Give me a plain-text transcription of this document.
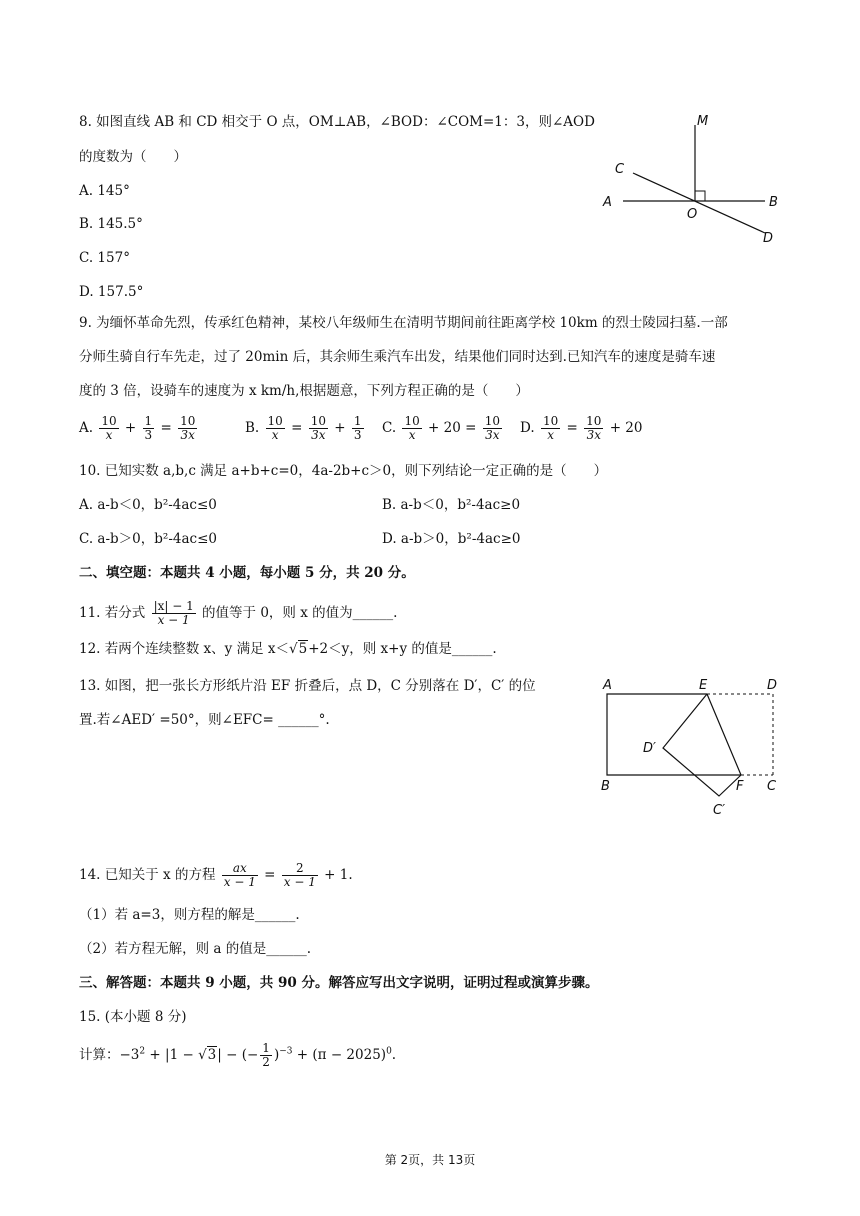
8. 如图直线 AB 和 CD 相交于 O 点，OM⊥AB，∠BOD：∠COM=1：3，则∠AOD
的度数为（　　）
A. 145°
B. 145.5°
C. 157°
D. 157.5°
M
C
A
O
B
D
9. 为缅怀革命先烈，传承红色精神，某校八年级师生在清明节期间前往距离学校 10km 的烈士陵园扫墓.一部
分师生骑自行车先走，过了 20min 后，其余师生乘汽车出发，结果他们同时达到.已知汽车的速度是骑车速
度的 3 倍，设骑车的速度为 x km/h,根据题意，下列方程正确的是（　　）
A. $\frac{10}{x} + \frac{1}{3} = \frac{10}{3x}$	B. $\frac{10}{x} = \frac{10}{3x} + \frac{1}{3} C$. $\frac{10}{x} + 20 = \frac{10}{3x} D$. $\frac{10}{x} = \frac{10}{3x} + 20$
10. 已知实数 a,b,c 满足 a+b+c=0，4a-2b+c＞0，则下列结论一定正确的是（　　）
A. a-b＜0，b²-4ac≤0	B. a-b＜0，b²-4ac≥0
C. a-b＞0，b²-4ac≤0	D. a-b＞0，b²-4ac≥0
二、填空题：本题共 4 小题，每小题 5 分，共 20 分。
11. 若分式 $\frac{|x| - 1}{x - 1}$ 的值等于 0，则 x 的值为______.
12. 若两个连续整数 x、y 满足 x＜√5+2＜y，则 x+y 的值是______.
13. 如图，把一张长方形纸片沿 EF 折叠后，点 D，C 分别落在 D′，C′ 的位
置.若∠AED′ =50°，则∠EFC= ______°.
A	E	D
D′
B	F C
C′
14. 已知关于 x 的方程 $\frac{ax}{x - 1} = \frac{2}{x - 1} + 1$.
（1）若 a=3，则方程的解是______.
（2）若方程无解，则 a 的值是______.
三、解答题：本题共 9 小题，共 90 分。解答应写出文字说明，证明过程或演算步骤。
15. (本小题 8 分)
计算：$-3^2 + |1 - √3|$ − (− $\frac{1}{2} )^{-3} + (\pi - 2025)^0$.
第 2页，共 13页
